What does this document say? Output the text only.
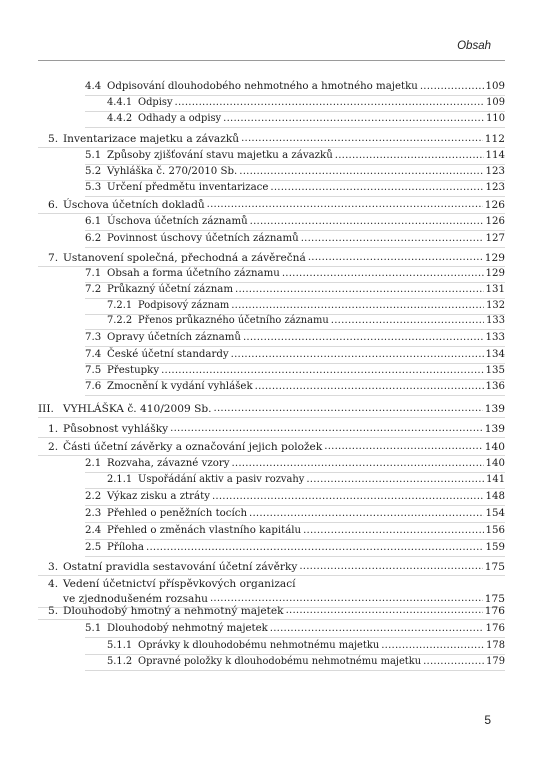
Obsah
4.4 Odpisování dlouhodobého nehmotného a hmotného majetku .....	109
4.4.1 Odpisy .....	109
4.4.2 Odhady a odpisy .....	110
5. Inventarizace majetku a závazků .....	112
5.1 Způsoby zjišťování stavu majetku a závazků .....	114
5.2 Vyhláška č. 270/2010 Sb. .....	123
5.3 Určení předmětu inventarizace .....	123
6. Úschova účetních dokladů .....	126
6.1 Úschova účetních záznamů .....	126
6.2 Povinnost úschovy účetních záznamů .....	127
7. Ustanovení společná, přechodná a závěrečná .....	129
7.1 Obsah a forma účetního záznamu .....	129
7.2 Průkazný účetní záznam .....	131
7.2.1 Podpisový záznam .....	132
7.2.2 Přenos průkazného účetního záznamu .....	133
7.3 Opravy účetních záznamů .....	133
7.4 České účetní standardy .....	134
7.5 Přestupky .....	135
7.6 Zmocnění k vydání vyhlášek .....	136
III. VYHLÁŠKA č. 410/2009 Sb. .....	139
1. Působnost vyhlášky .....	139
2. Části účetní závěrky a označování jejich položek .....	140
2.1 Rozvaha, závazné vzory .....	140
2.1.1 Uspořádání aktiv a pasiv rozvahy .....	141
2.2 Výkaz zisku a ztráty .....	148
2.3 Přehled o peněžních tocích .....	154
2.4 Přehled o změnách vlastního kapitálu .....	156
2.5 Příloha .....	159
3. Ostatní pravidla sestavování účetní závěrky .....	175
4. Vedení účetnictví příspěvkových organizací
ve zjednodušeném rozsahu .....	175
5. Dlouhodobý hmotný a nehmotný majetek .....	176
5.1 Dlouhodobý nehmotný majetek .....	176
5.1.1 Oprávky k dlouhodobému nehmotnému majetku .....	178
5.1.2 Opravné položky k dlouhodobému nehmotnému majetku .....	179
5
